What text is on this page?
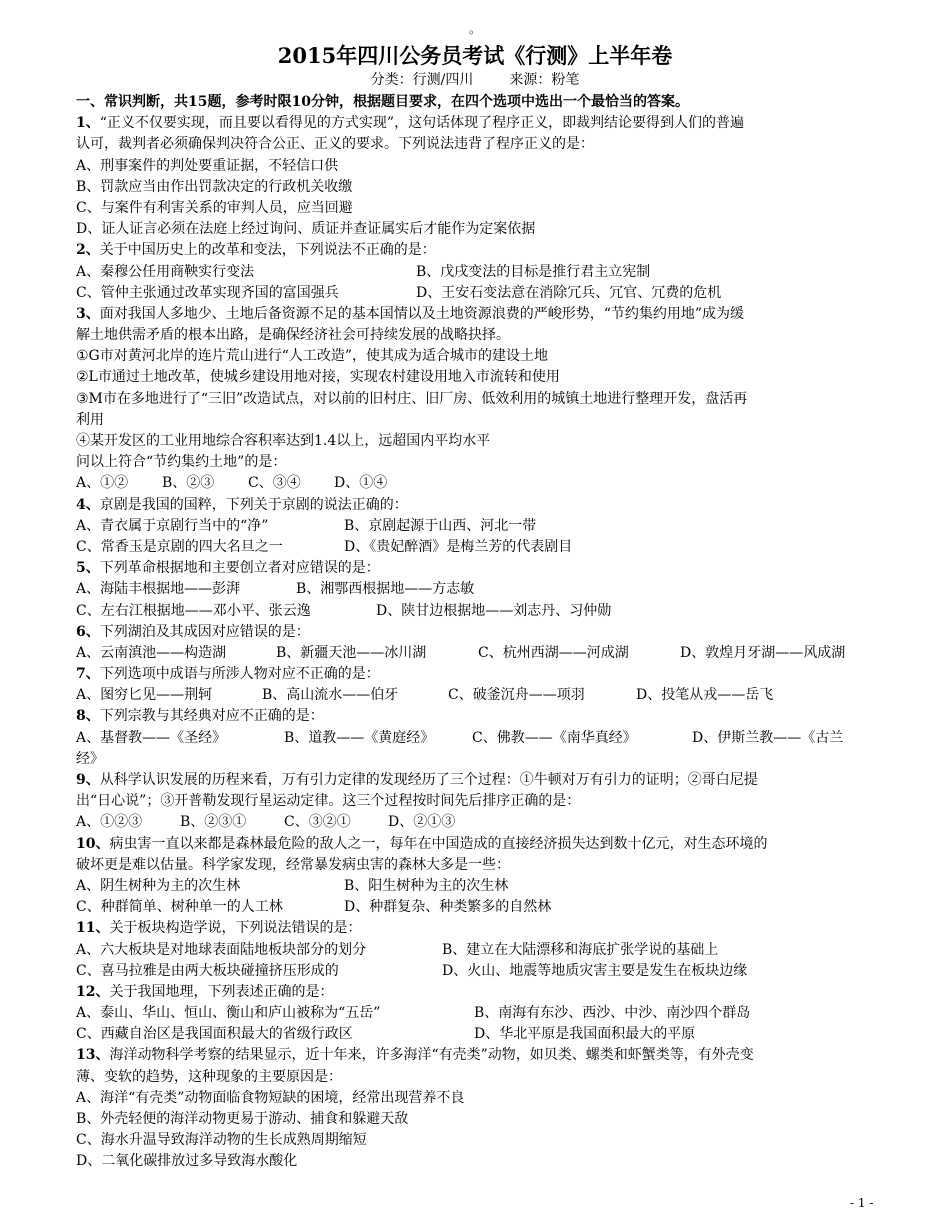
。
2015年四川公务员考试《行测》上半年卷
分类：行测/四川	来源：粉笔
一、常识判断，共15题，参考时限10分钟，根据题目要求，在四个选项中选出一个最恰当的答案。
1、“正义不仅要实现，而且要以看得见的方式实现”，这句话体现了程序正义，即裁判结论要得到人们的普遍
认可，裁判者必须确保判决符合公正、正义的要求。下列说法违背了程序正义的是：
A、刑事案件的判处要重证据，不轻信口供
B、罚款应当由作出罚款决定的行政机关收缴
C、与案件有利害关系的审判人员，应当回避
D、证人证言必须在法庭上经过询问、质证并查证属实后才能作为定案依据
2、关于中国历史上的改革和变法，下列说法不正确的是：
A、秦穆公任用商鞅实行变法	B、戊戌变法的目标是推行君主立宪制
C、管仲主张通过改革实现齐国的富国强兵	D、王安石变法意在消除冗兵、冗官、冗费的危机
3、面对我国人多地少、土地后备资源不足的基本国情以及土地资源浪费的严峻形势，“节约集约用地”成为缓
解土地供需矛盾的根本出路，是确保经济社会可持续发展的战略抉择。
①G市对黄河北岸的连片荒山进行“人工改造”，使其成为适合城市的建设土地
②L市通过土地改革，使城乡建设用地对接，实现农村建设用地入市流转和使用
③M市在多地进行了“三旧”改造试点，对以前的旧村庄、旧厂房、低效利用的城镇土地进行整理开发，盘活再
利用
④某开发区的工业用地综合容积率达到1.4以上，远超国内平均水平
问以上符合“节约集约土地”的是：
A、①②	B、②③	C、③④	D、①④
4、京剧是我国的国粹，下列关于京剧的说法正确的：
A、青衣属于京剧行当中的“净”	B、京剧起源于山西、河北一带
C、常香玉是京剧的四大名旦之一	D、《贵妃醉酒》是梅兰芳的代表剧目
5、下列革命根据地和主要创立者对应错误的是：
A、海陆丰根据地——彭湃	B、湘鄂西根据地——方志敏
C、左右江根据地——邓小平、张云逸	D、陕甘边根据地——刘志丹、习仲勋
6、下列湖泊及其成因对应错误的是：
A、云南滇池——构造湖	B、新疆天池——冰川湖	C、杭州西湖——河成湖	D、敦煌月牙湖——风成湖
7、下列选项中成语与所涉人物对应不正确的是：
A、图穷匕见——荆轲	B、高山流水——伯牙	C、破釜沉舟——项羽	D、投笔从戎——岳飞
8、下列宗教与其经典对应不正确的是：
A、基督教——《圣经》	B、道教——《黄庭经》	C、佛教——《南华真经》	D、伊斯兰教——《古兰
经》
9、从科学认识发展的历程来看，万有引力定律的发现经历了三个过程：①牛顿对万有引力的证明；②哥白尼提
出“日心说”；③开普勒发现行星运动定律。这三个过程按时间先后排序正确的是：
A、①②③	B、②③①	C、③②①	D、②①③
10、病虫害一直以来都是森林最危险的敌人之一，每年在中国造成的直接经济损失达到数十亿元，对生态环境的
破坏更是难以估量。科学家发现，经常暴发病虫害的森林大多是一些：
A、阴生树种为主的次生林	B、阳生树种为主的次生林
C、种群简单、树种单一的人工林	D、种群复杂、种类繁多的自然林
11、关于板块构造学说，下列说法错误的是：
A、六大板块是对地球表面陆地板块部分的划分	B、建立在大陆漂移和海底扩张学说的基础上
C、喜马拉雅是由两大板块碰撞挤压形成的	D、火山、地震等地质灾害主要是发生在板块边缘
12、关于我国地理，下列表述正确的是：
A、泰山、华山、恒山、衡山和庐山被称为“五岳”	B、南海有东沙、西沙、中沙、南沙四个群岛
C、西藏自治区是我国面积最大的省级行政区	D、华北平原是我国面积最大的平原
13、海洋动物科学考察的结果显示，近十年来，许多海洋“有壳类”动物，如贝类、螺类和虾蟹类等，有外壳变
薄、变软的趋势，这种现象的主要原因是：
A、海洋“有壳类”动物面临食物短缺的困境，经常出现营养不良
B、外壳轻便的海洋动物更易于游动、捕食和躲避天敌
C、海水升温导致海洋动物的生长成熟周期缩短
D、二氧化碳排放过多导致海水酸化
- 1 -
